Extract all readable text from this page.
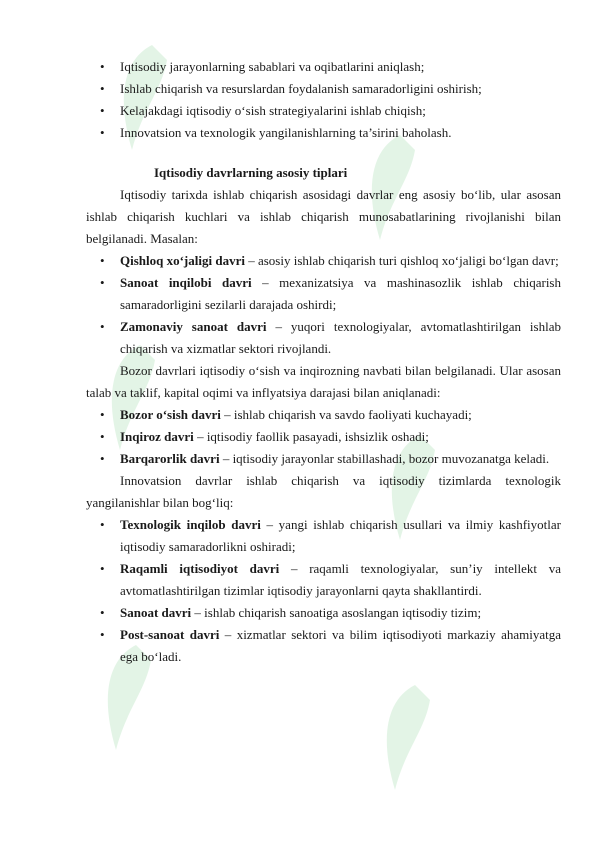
• Iqtisodiy jarayonlarning sabablari va oqibatlarini aniqlash;
• Ishlab chiqarish va resurslardan foydalanish samaradorligini oshirish;
• Kelajakdagi iqtisodiy o‘sish strategiyalarini ishlab chiqish;
• Innovatsion va texnologik yangilanishlarning ta’sirini baholash.

Iqtisodiy davrlarning asosiy tiplari

Iqtisodiy tarixda ishlab chiqarish asosidagi davrlar eng asosiy bo‘lib, ular asosan ishlab chiqarish kuchlari va ishlab chiqarish munosabatlarining rivojlanishi bilan belgilanadi. Masalan:

• Qishloq xo‘jaligi davri – asosiy ishlab chiqarish turi qishloq xo‘jaligi bo‘lgan davr;
• Sanoat inqilobi davri – mexanizatsiya va mashinasozlik ishlab chiqarish samaradorligini sezilarli darajada oshirdi;
• Zamonaviy sanoat davri – yuqori texnologiyalar, avtomatlashtirilgan ishlab chiqarish va xizmatlar sektori rivojlandi.

Bozor davrlari iqtisodiy o‘sish va inqirozning navbati bilan belgilanadi. Ular asosan talab va taklif, kapital oqimi va inflyatsiya darajasi bilan aniqlanadi:

• Bozor o‘sish davri – ishlab chiqarish va savdo faoliyati kuchayadi;
• Inqiroz davri – iqtisodiy faollik pasayadi, ishsizlik oshadi;
• Barqarorlik davri – iqtisodiy jarayonlar stabillashadi, bozor muvozanatga keladi.

Innovatsion davrlar ishlab chiqarish va iqtisodiy tizimlarda texnologik yangilanishlar bilan bog‘liq:

• Texnologik inqilob davri – yangi ishlab chiqarish usullari va ilmiy kashfiyotlar iqtisodiy samaradorlikni oshiradi;
• Raqamli iqtisodiyot davri – raqamli texnologiyalar, sun’iy intellekt va avtomatlashtirilgan tizimlar iqtisodiy jarayonlarni qayta shakllantirdi.
• Sanoat davri – ishlab chiqarish sanoatiga asoslangan iqtisodiy tizim;
• Post-sanoat davri – xizmatlar sektori va bilim iqtisodiyoti markaziy ahamiyatga ega bo‘ladi.
